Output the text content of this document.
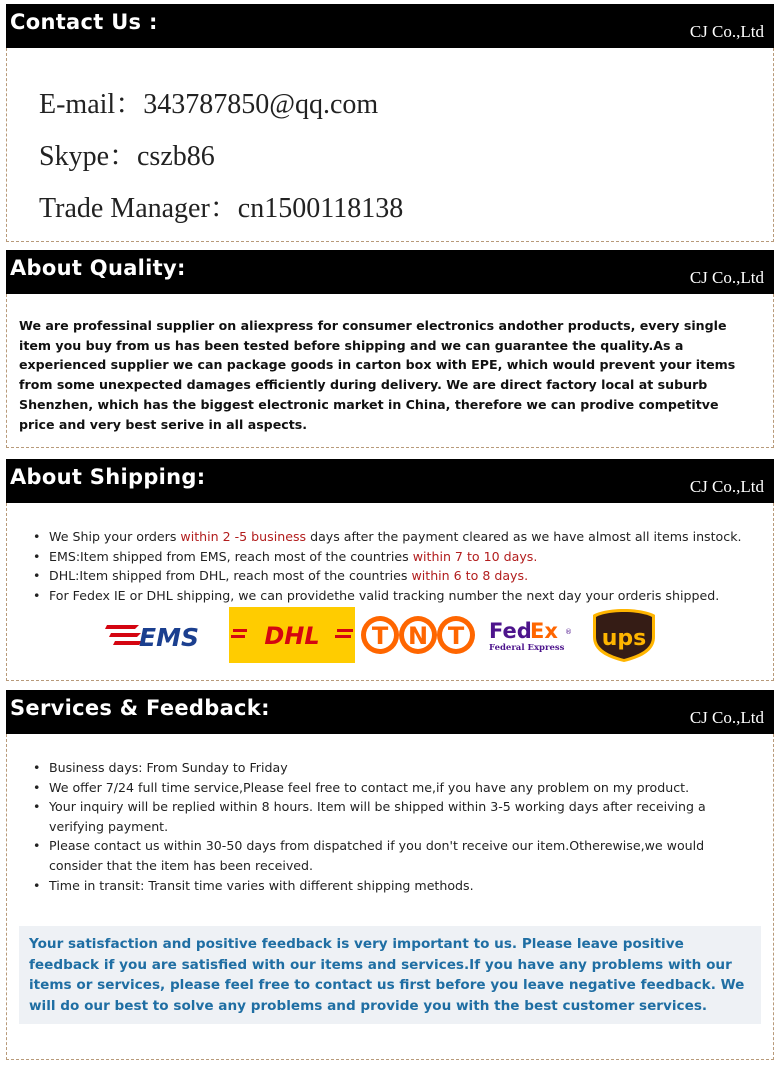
Contact Us :	CJ Co.,Ltd
E-mail：343787850@qq.com
Skype：cszb86
Trade Manager：cn1500118138
About Quality:	CJ Co.,Ltd
We are professinal supplier on aliexpress for consumer electronics andother products, every single item you buy from us has been tested before shipping and we can guarantee the quality.As a experienced supplier we can package goods in carton box with EPE, which would prevent your items from some unexpected damages efficiently during delivery. We are direct factory local at suburb Shenzhen, which has the biggest electronic market in China, therefore we can prodive competitve price and very best serive in all aspects.
About Shipping:	CJ Co.,Ltd
• We Ship your orders within 2 -5 business days after the payment cleared as we have almost all items instock.
• EMS:Item shipped from EMS, reach most of the countries within 7 to 10 days.
• DHL:Item shipped from DHL, reach most of the countries within 6 to 8 days.
• For Fedex IE or DHL shipping, we can providethe valid tracking number the next day your orderis shipped.
EMS	DHL T N T Fed
Ex
Federal Express
® ups
Services & Feedback:	CJ Co.,Ltd
• Business days: From Sunday to Friday
• We offer 7/24 full time service,Please feel free to contact me,if you have any problem on my product.
• Your inquiry will be replied within 8 hours. Item will be shipped within 3-5 working days after receiving a verifying payment.
• Please contact us within 30-50 days from dispatched if you don't receive our item.Otherewise,we would consider that the item has been received.
• Time in transit: Transit time varies with different shipping methods.
Your satisfaction and positive feedback is very important to us. Please leave positive feedback if you are satisfied with our items and services.If you have any problems with our items or services, please feel free to contact us first before you leave negative feedback. We will do our best to solve any problems and provide you with the best customer services.
